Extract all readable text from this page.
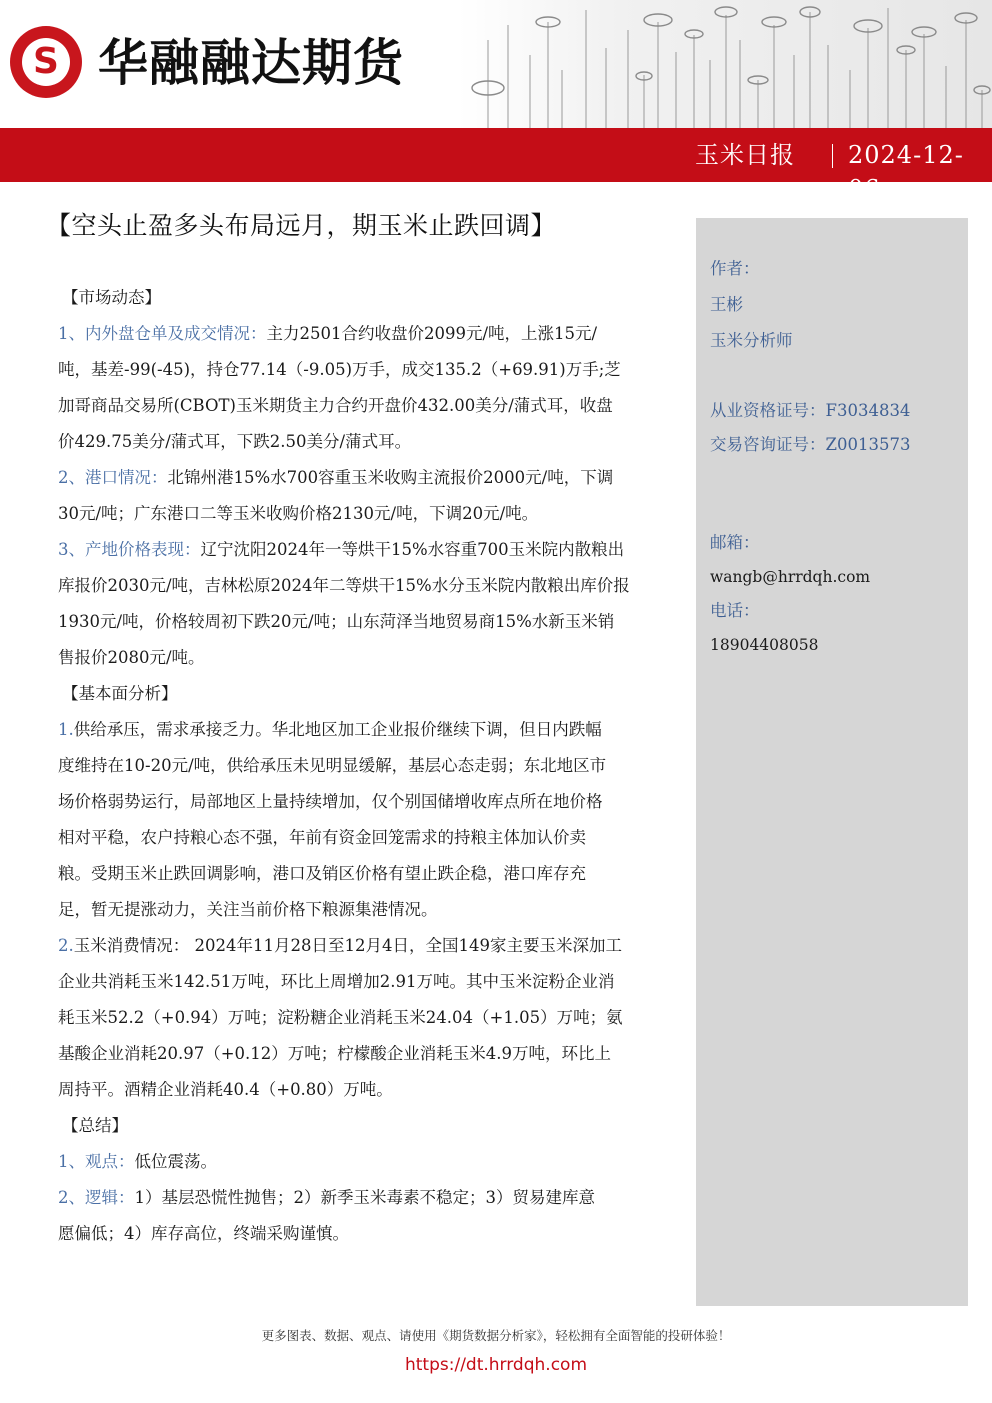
S 华融融达期货
玉米日报 2024-12-06
【空头止盈多头布局远月，期玉米止跌回调】
【市场动态】

1、内外盘仓单及成交情况：主力2501合约收盘价2099元/吨，上涨15元/
吨，基差-99(-45)，持仓77.14（-9.05)万手，成交135.2（+69.91)万手;芝
加哥商品交易所(CBOT)玉米期货主力合约开盘价432.00美分/蒲式耳，收盘
价429.75美分/蒲式耳，下跌2.50美分/蒲式耳。

2、港口情况：北锦州港15%水700容重玉米收购主流报价2000元/吨，下调
30元/吨；广东港口二等玉米收购价格2130元/吨，下调20元/吨。

3、产地价格表现：辽宁沈阳2024年一等烘干15%水容重700玉米院内散粮出
库报价2030元/吨，吉林松原2024年二等烘干15%水分玉米院内散粮出库价报
1930元/吨，价格较周初下跌20元/吨；山东菏泽当地贸易商15%水新玉米销
售报价2080元/吨。

【基本面分析】

1.供给承压，需求承接乏力。华北地区加工企业报价继续下调，但日内跌幅
度维持在10-20元/吨，供给承压未见明显缓解，基层心态走弱；东北地区市
场价格弱势运行，局部地区上量持续增加，仅个别国储增收库点所在地价格
相对平稳，农户持粮心态不强，年前有资金回笼需求的持粮主体加认价卖
粮。受期玉米止跌回调影响，港口及销区价格有望止跌企稳，港口库存充
足，暂无提涨动力，关注当前价格下粮源集港情况。

2.玉米消费情况： 2024年11月28日至12月4日，全国149家主要玉米深加工
企业共消耗玉米142.51万吨，环比上周增加2.91万吨。其中玉米淀粉企业消
耗玉米52.2（+0.94）万吨；淀粉糖企业消耗玉米24.04（+1.05）万吨；氨
基酸企业消耗20.97（+0.12）万吨；柠檬酸企业消耗玉米4.9万吨，环比上
周持平。酒精企业消耗40.4（+0.80）万吨。

【总结】

1、观点：低位震荡。

2、逻辑：1）基层恐慌性抛售；2）新季玉米毒素不稳定；3）贸易建库意
愿偏低；4）库存高位，终端采购谨慎。

作者：
王彬
玉米分析师
从业资格证号：F3034834
交易咨询证号：Z0013573
邮箱：
wangb@hrrdqh.com
电话：
18904408058
更多图表、数据、观点、请使用《期货数据分析家》，轻松拥有全面智能的投研体验！
https://dt.hrrdqh.com
